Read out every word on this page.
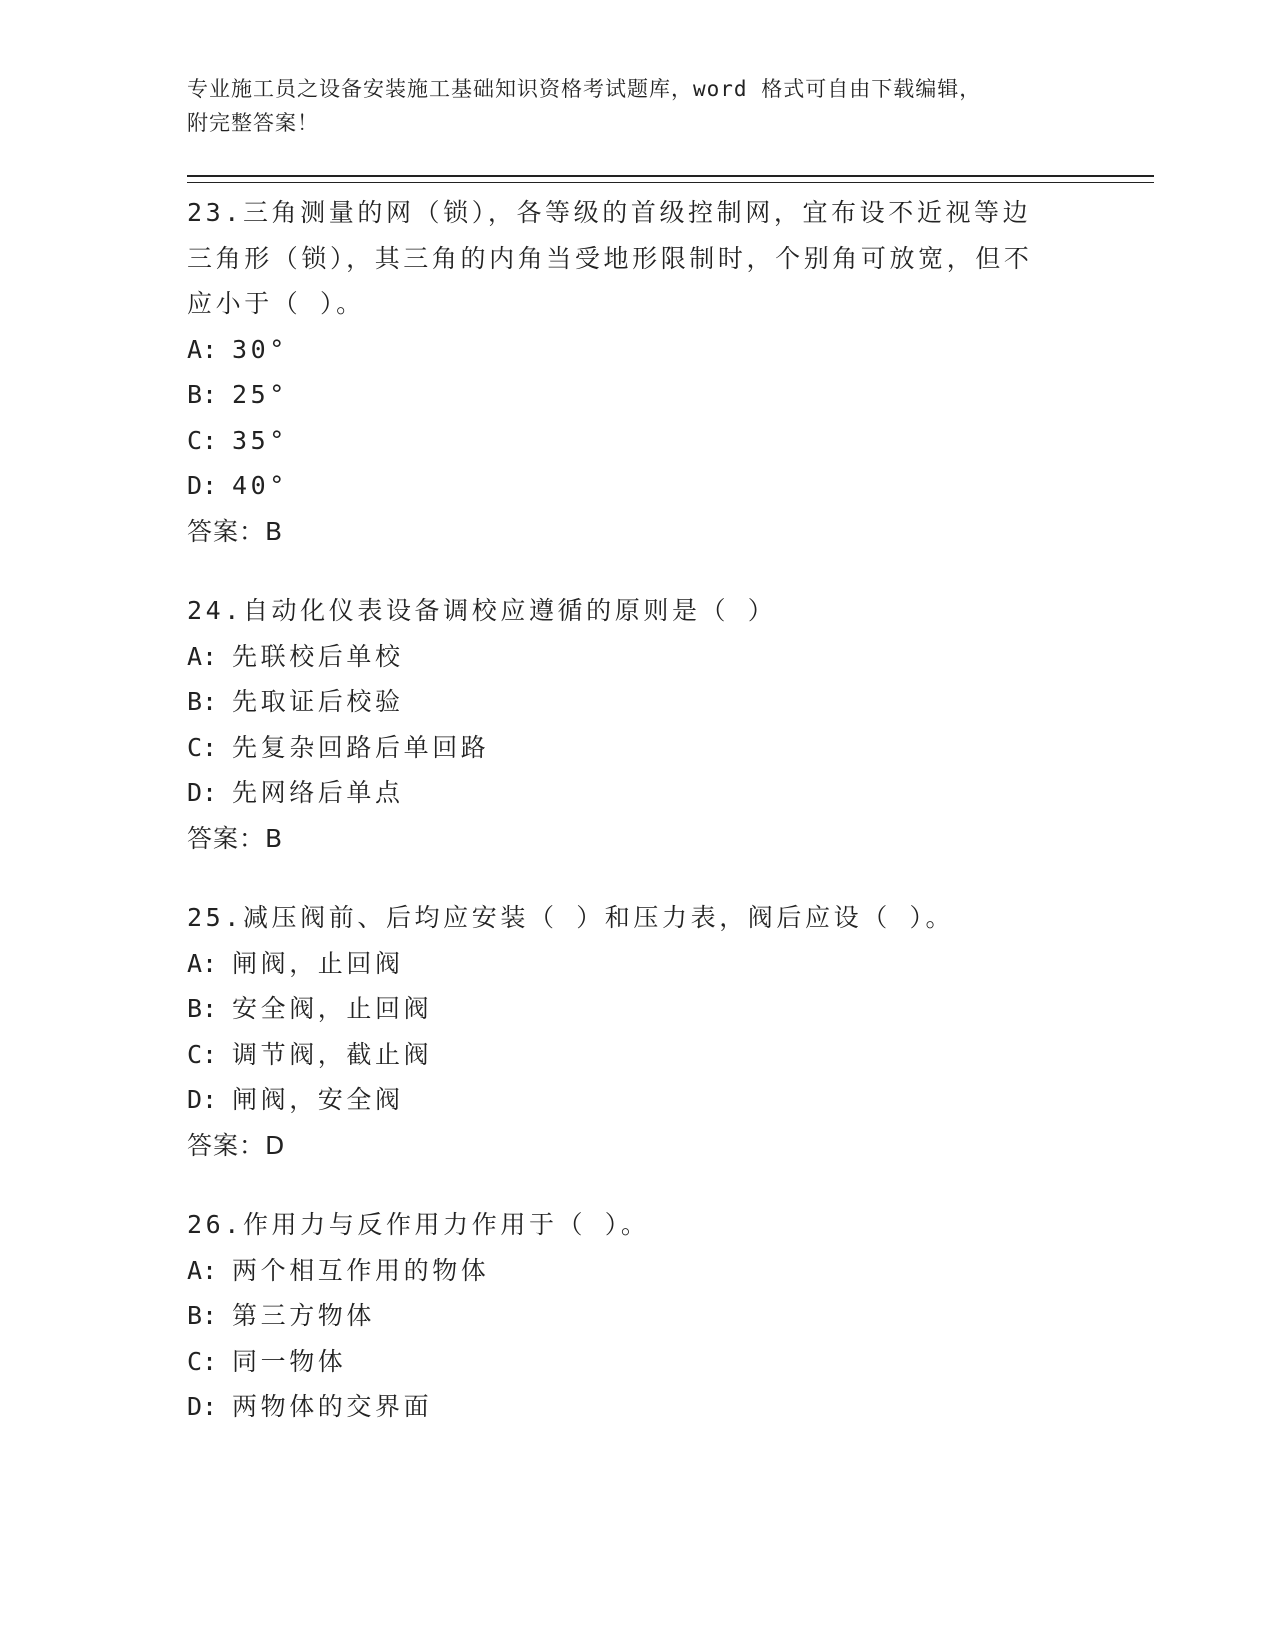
专业施工员之设备安装施工基础知识资格考试题库，word 格式可自由下载编辑，
附完整答案！
23.三角测量的网（锁），各等级的首级控制网，宜布设不近视等边三角形（锁），其三角的内角当受地形限制时，个别角可放宽，但不应小于（ ）。
A: 30°
B: 25°
C: 35°
D: 40°
答案：B
24.自动化仪表设备调校应遵循的原则是（ ）
A: 先联校后单校
B: 先取证后校验
C: 先复杂回路后单回路
D: 先网络后单点
答案：B
25.减压阀前、后均应安装（ ）和压力表，阀后应设（ ）。
A: 闸阀，止回阀
B: 安全阀，止回阀
C: 调节阀，截止阀
D: 闸阀，安全阀
答案：D
26.作用力与反作用力作用于（ ）。
A: 两个相互作用的物体
B: 第三方物体
C: 同一物体
D: 两物体的交界面
